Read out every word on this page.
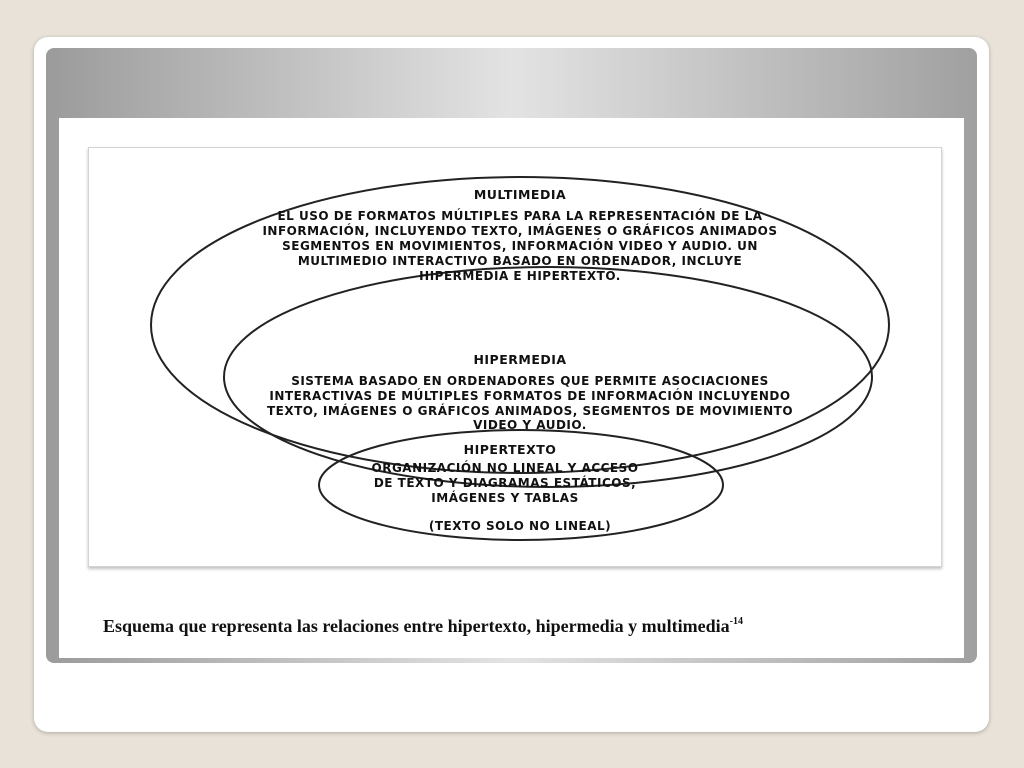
MULTIMEDIA
EL USO DE FORMATOS MÚLTIPLES PARA LA REPRESENTACIÓN DE LA
INFORMACIÓN, INCLUYENDO TEXTO, IMÁGENES O GRÁFICOS ANIMADOS
SEGMENTOS EN MOVIMIENTOS, INFORMACIÓN VIDEO Y AUDIO. UN
MULTIMEDIO INTERACTIVO BASADO EN ORDENADOR, INCLUYE
HIPERMEDIA E HIPERTEXTO.
HIPERMEDIA
SISTEMA BASADO EN ORDENADORES QUE PERMITE ASOCIACIONES
INTERACTIVAS DE MÚLTIPLES FORMATOS DE INFORMACIÓN INCLUYENDO
TEXTO, IMÁGENES O GRÁFICOS ANIMADOS, SEGMENTOS DE MOVIMIENTO
VIDEO Y AUDIO.
HIPERTEXTO
ORGANIZACIÓN NO LINEAL Y ACCESO
DE TEXTO Y DIAGRAMAS ESTÁTICOS,
IMÁGENES Y TABLAS
(TEXTO SOLO NO LINEAL)
Esquema que representa las relaciones entre hipertexto, hipermedia y multimedia$^{-14}$
